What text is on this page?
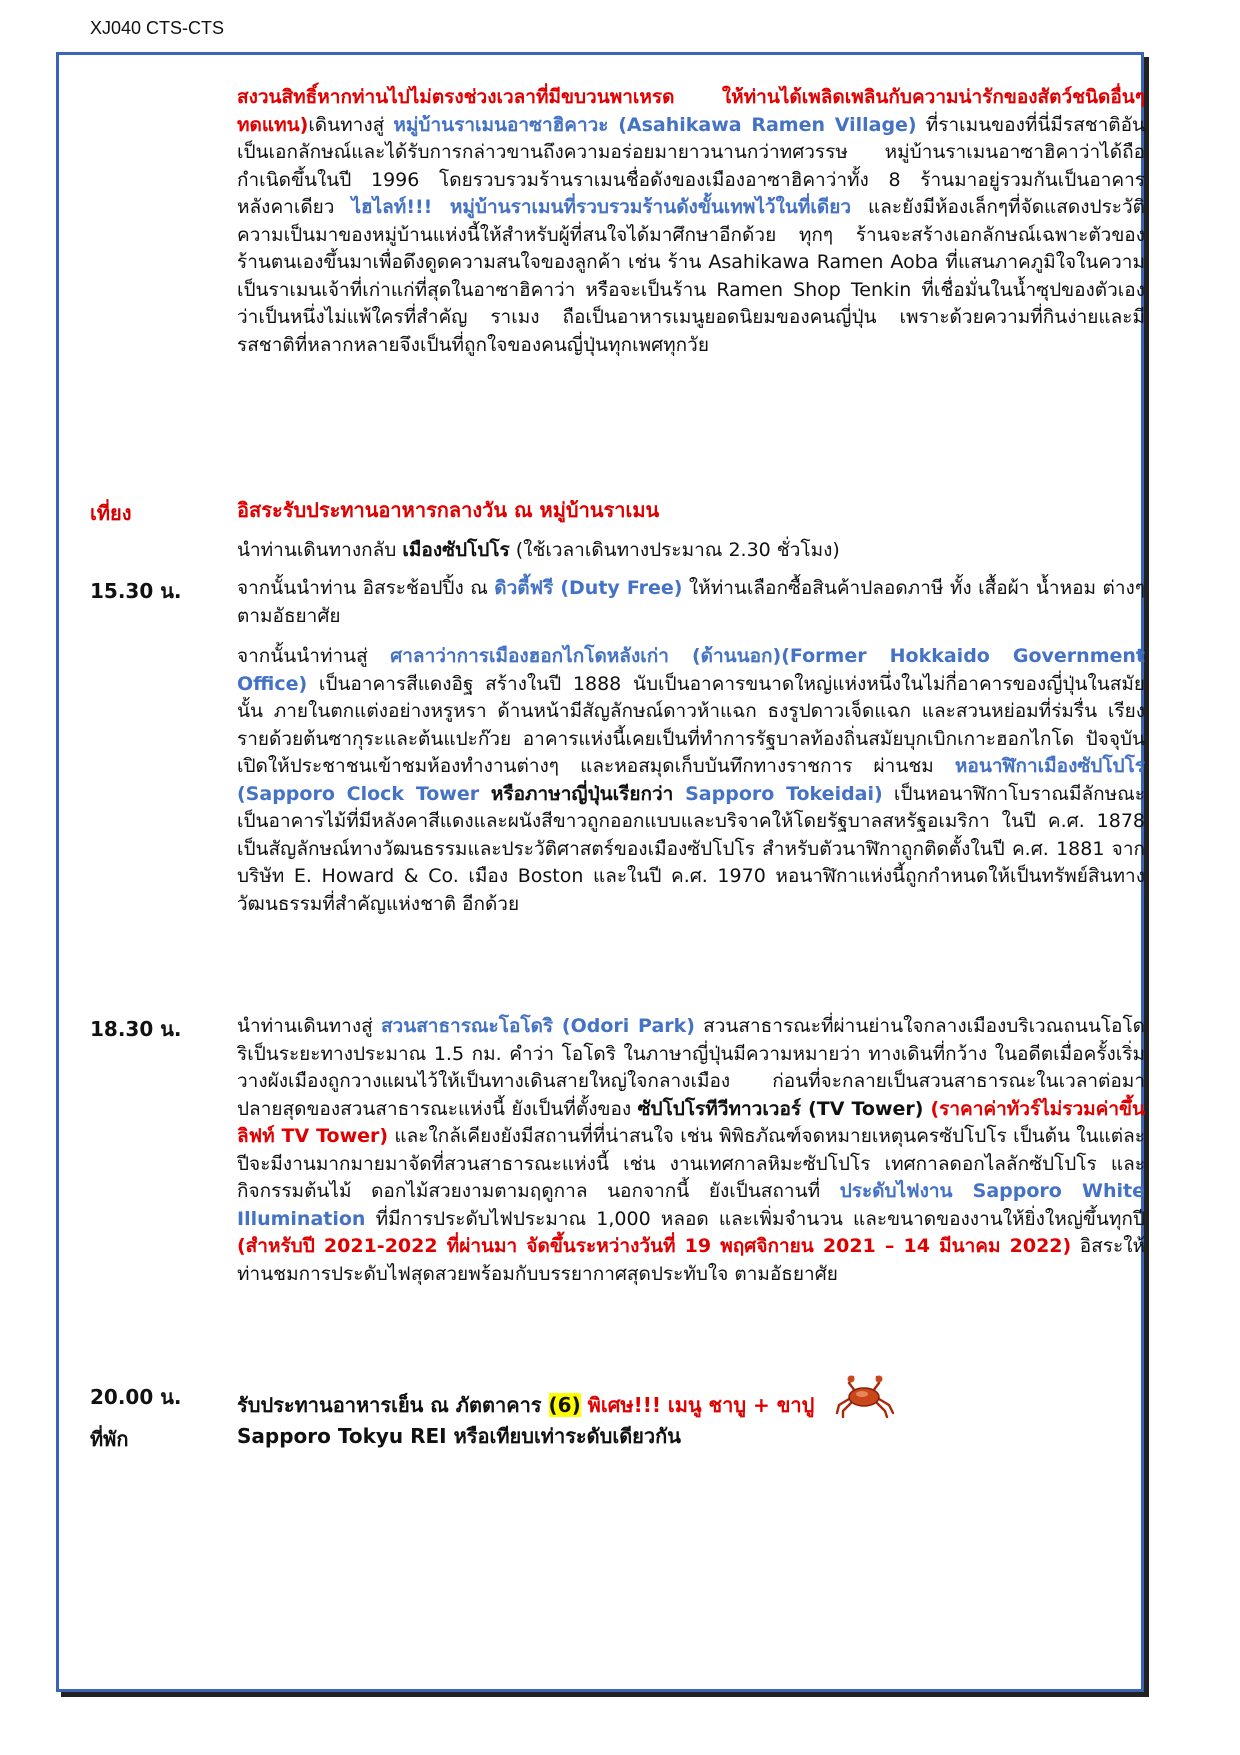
XJ040 CTS-CTS
สงวนสิทธิ์หากท่านไปไม่ตรงช่วงเวลาที่มีขบวนพาเหรด ให้ท่านได้เพลิดเพลินกับความน่ารักของสัตว์ชนิดอื่นๆ ทดแทน)เดินทางสู่ หมู่บ้านราเมนอาซาฮิคาวะ (Asahikawa Ramen Village) ที่ราเมนของที่นี่มีรสชาติอันเป็นเอกลักษณ์และได้รับการกล่าวขานถึงความอร่อยมายาวนานกว่าทศวรรษ หมู่บ้านราเมนอาซาฮิคาว่าได้ถือกำเนิดขึ้นในปี 1996 โดยรวบรวมร้านราเมนชื่อดังของเมืองอาซาฮิคาว่าทั้ง 8 ร้านมาอยู่รวมกันเป็นอาคารหลังคาเดียว ไฮไลท์!!! หมู่บ้านราเมนที่รวบรวมร้านดังขั้นเทพไว้ในที่เดียว และยังมีห้องเล็กๆที่จัดแสดงประวัติความเป็นมาของหมู่บ้านแห่งนี้ให้สำหรับผู้ที่สนใจได้มาศึกษาอีกด้วย ทุกๆ ร้านจะสร้างเอกลักษณ์เฉพาะตัวของร้านตนเองขึ้นมาเพื่อดึงดูดความสนใจของลูกค้า เช่น ร้าน Asahikawa Ramen Aoba ที่แสนภาคภูมิใจในความเป็นราเมนเจ้าที่เก่าแก่ที่สุดในอาซาฮิคาว่า หรือจะเป็นร้าน Ramen Shop Tenkin ที่เชื่อมั่นในน้ำซุปของตัวเองว่าเป็นหนึ่งไม่แพ้ใครที่สำคัญ ราเมง ถือเป็นอาหารเมนูยอดนิยมของคนญี่ปุ่น เพราะด้วยความที่กินง่ายและมีรสชาติที่หลากหลายจึงเป็นที่ถูกใจของคนญี่ปุ่นทุกเพศทุกวัย
เที่ยง	อิสระรับประทานอาหารกลางวัน ณ หมู่บ้านราเมน
นำท่านเดินทางกลับ เมืองซัปโปโร (ใช้เวลาเดินทางประมาณ 2.30 ชั่วโมง)
15.30 น.	จากนั้นนำท่าน อิสระช้อปปิ้ง ณ ดิวตี้ฟรี (Duty Free) ให้ท่านเลือกซื้อสินค้าปลอดภาษี ทั้ง เสื้อผ้า น้ำหอม ต่างๆ ตามอัธยาศัย
จากนั้นนำท่านสู่ ศาลาว่าการเมืองฮอกไกโดหลังเก่า (ด้านนอก)(Former Hokkaido Government Office) เป็นอาคารสีแดงอิฐ สร้างในปี 1888 นับเป็นอาคารขนาดใหญ่แห่งหนึ่งในไม่กี่อาคารของญี่ปุ่นในสมัยนั้น ภายในตกแต่งอย่างหรูหรา ด้านหน้ามีสัญลักษณ์ดาวห้าแฉก ธงรูปดาวเจ็ดแฉก และสวนหย่อมที่ร่มรื่น เรียงรายด้วยต้นซากุระและต้นแปะก๊วย อาคารแห่งนี้เคยเป็นที่ทำการรัฐบาลท้องถิ่นสมัยบุกเบิกเกาะฮอกไกโด ปัจจุบันเปิดให้ประชาชนเข้าชมห้องทำงานต่างๆ และหอสมุดเก็บบันทึกทางราชการ ผ่านชม หอนาฬิกาเมืองซัปโปโร (Sapporo Clock Tower หรือภาษาญี่ปุ่นเรียกว่า Sapporo Tokeidai) เป็นหอนาฬิกาโบราณมีลักษณะเป็นอาคารไม้ที่มีหลังคาสีแดงและผนังสีขาวถูกออกแบบและบริจาคให้โดยรัฐบาลสหรัฐอเมริกา ในปี ค.ศ. 1878 เป็นสัญลักษณ์ทางวัฒนธรรมและประวัติศาสตร์ของเมืองซัปโปโร สำหรับตัวนาฬิกาถูกติดตั้งในปี ค.ศ. 1881 จากบริษัท E. Howard & Co. เมือง Boston และในปี ค.ศ. 1970 หอนาฬิกาแห่งนี้ถูกกำหนดให้เป็นทรัพย์สินทางวัฒนธรรมที่สำคัญแห่งชาติ อีกด้วย
18.30 น.	นำท่านเดินทางสู่ สวนสาธารณะโอโดริ (Odori Park) สวนสาธารณะที่ผ่านย่านใจกลางเมืองบริเวณถนนโอโดริเป็นระยะทางประมาณ 1.5 กม. คำว่า โอโดริ ในภาษาญี่ปุ่นมีความหมายว่า ทางเดินที่กว้าง ในอดีตเมื่อครั้งเริ่มวางผังเมืองถูกวางแผนไว้ให้เป็นทางเดินสายใหญ่ใจกลางเมือง ก่อนที่จะกลายเป็นสวนสาธารณะในเวลาต่อมา ปลายสุดของสวนสาธารณะแห่งนี้ ยังเป็นที่ตั้งของ ซัปโปโรทีวีทาวเวอร์ (TV Tower) (ราคาค่าทัวร์ไม่รวมค่าขึ้นลิฟท์ TV Tower) และใกล้เคียงยังมีสถานที่ที่น่าสนใจ เช่น พิพิธภัณฑ์จดหมายเหตุนครซัปโปโร เป็นต้น ในแต่ละปีจะมีงานมากมายมาจัดที่สวนสาธารณะแห่งนี้ เช่น งานเทศกาลหิมะซัปโปโร เทศกาลดอกไลลักซัปโปโร และกิจกรรมต้นไม้ ดอกไม้สวยงามตามฤดูกาล นอกจากนี้ ยังเป็นสถานที่ ประดับไฟงาน Sapporo White Illumination ที่มีการประดับไฟประมาณ 1,000 หลอด และเพิ่มจำนวน และขนาดของงานให้ยิ่งใหญ่ขึ้นทุกปี (สำหรับปี 2021-2022 ที่ผ่านมา จัดขึ้นระหว่างวันที่ 19 พฤศจิกายน 2021 – 14 มีนาคม 2022) อิสระให้ท่านชมการประดับไฟสุดสวยพร้อมกับบรรยากาศสุดประทับใจ ตามอัธยาศัย
20.00 น.	รับประทานอาหารเย็น ณ ภัตตาคาร (6) พิเศษ!!! เมนู ชาบู + ขาปู
ที่พัก	Sapporo Tokyu REI หรือเทียบเท่าระดับเดียวกัน
